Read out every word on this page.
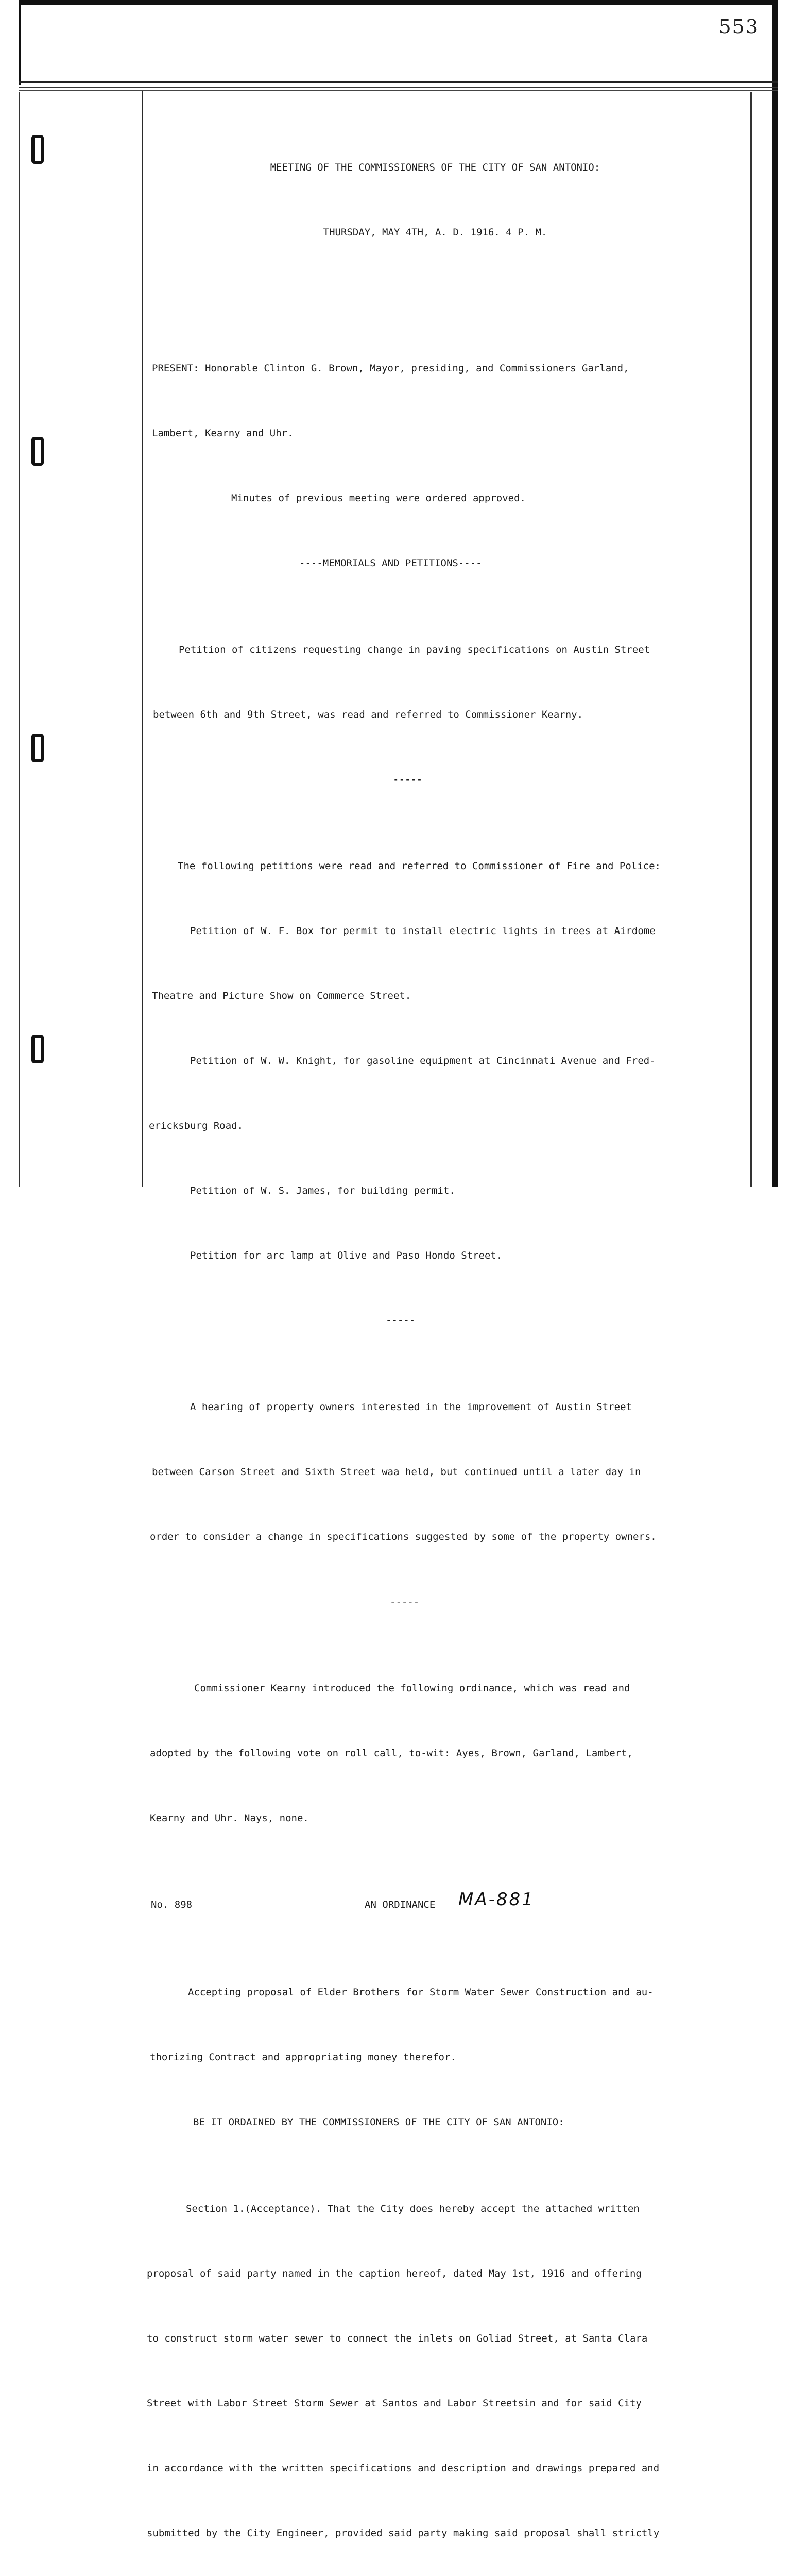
553

MEETING OF THE COMMISSIONERS OF THE CITY OF SAN ANTONIO:

THURSDAY, MAY 4TH, A. D. 1916. 4 P. M.

PRESENT: Honorable Clinton G. Brown, Mayor, presiding, and Commissioners Garland,

Lambert, Kearny and Uhr.

Minutes of previous meeting were ordered approved.

----MEMORIALS AND PETITIONS----

Petition of citizens requesting change in paving specifications on Austin Street

between 6th and 9th Street, was read and referred to Commissioner Kearny.

-----

The following petitions were read and referred to Commissioner of Fire and Police:

Petition of W. F. Box for permit to install electric lights in trees at Airdome

Theatre and Picture Show on Commerce Street.

Petition of W. W. Knight, for gasoline equipment at Cincinnati Avenue and Fred-

ericksburg Road.

Petition of W. S. James, for building permit.

Petition for arc lamp at Olive and Paso Hondo Street.

-----

A hearing of property owners interested in the improvement of Austin Street

between Carson Street and Sixth Street waa held, but continued until a later day in

order to consider a change in specifications suggested by some of the property owners.

-----

Commissioner Kearny introduced the following ordinance, which was read and

adopted by the following vote on roll call, to-wit: Ayes, Brown, Garland, Lambert,

Kearny and Uhr. Nays, none.

No. 898

	AN ORDINANCE

MA-881

Accepting proposal of Elder Brothers for Storm Water Sewer Construction and au-

thorizing Contract and appropriating money therefor.

BE IT ORDAINED BY THE COMMISSIONERS OF THE CITY OF SAN ANTONIO:

Section 1.(Acceptance). That the City does hereby accept the attached written

proposal of said party named in the caption hereof, dated May 1st, 1916 and offering

to construct storm water sewer to connect the inlets on Goliad Street, at Santa Clara

Street with Labor Street Storm Sewer at Santos and Labor Streetsin and for said City

in accordance with the written specifications and description and drawings prepared and

submitted by the City Engineer, provided said party making said proposal shall strictly
